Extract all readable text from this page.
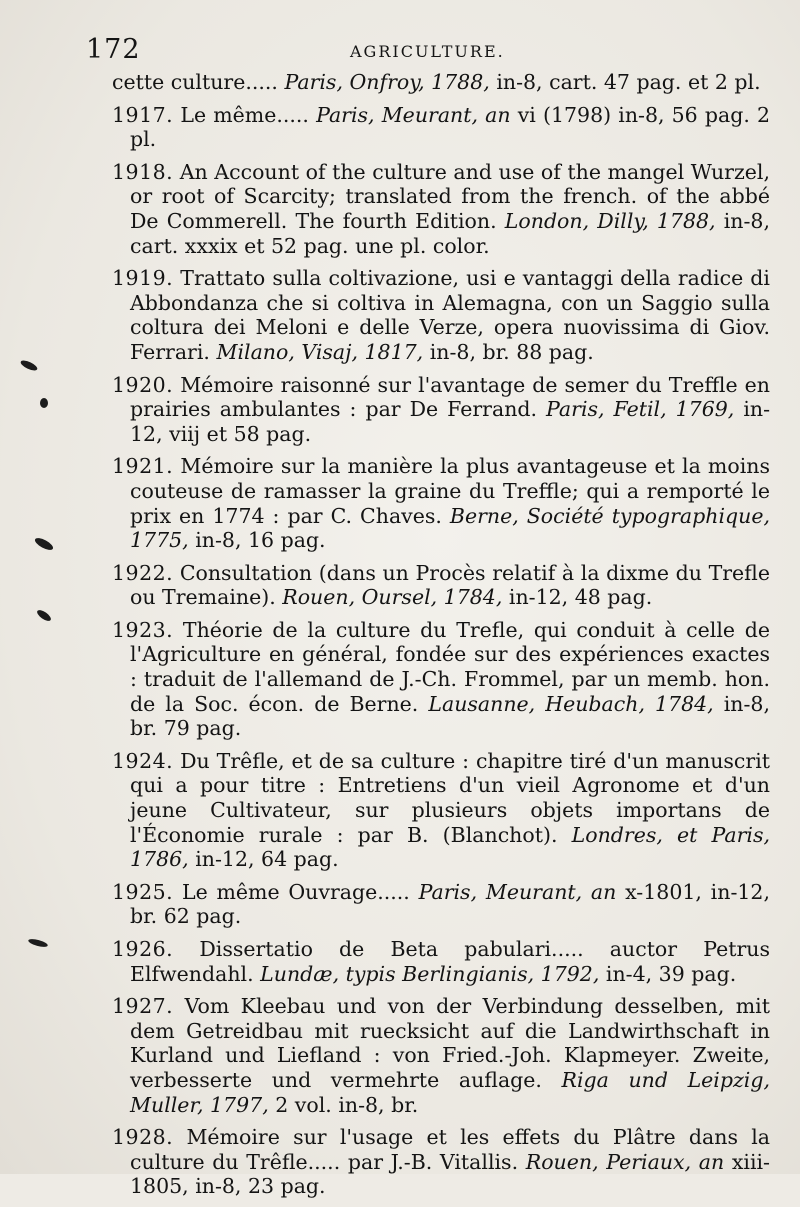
172	AGRICULTURE.

cette culture..... Paris, Onfroy, 1788, in-8, cart. 47 pag. et 2 pl.

1917. Le même..... Paris, Meurant, an vi (1798) in-8, 56 pag. 2 pl.

1918. An Account of the culture and use of the mangel Wurzel, or root of Scarcity; translated from the french. of the abbé De Commerell. The fourth Edition. London, Dilly, 1788, in-8, cart. xxxix et 52 pag. une pl. color.

1919. Trattato sulla coltivazione, usi e vantaggi della radice di Abbondanza che si coltiva in Alemagna, con un Saggio sulla coltura dei Meloni e delle Verze, opera nuovissima di Giov. Ferrari. Milano, Visaj, 1817, in-8, br. 88 pag.

1920. Mémoire raisonné sur l'avantage de semer du Treffle en prairies ambulantes : par De Ferrand. Paris, Fetil, 1769, in-12, viij et 58 pag.

1921. Mémoire sur la manière la plus avantageuse et la moins couteuse de ramasser la graine du Treffle; qui a remporté le prix en 1774 : par C. Chaves. Berne, Société typographique, 1775, in-8, 16 pag.

1922. Consultation (dans un Procès relatif à la dixme du Trefle ou Tremaine). Rouen, Oursel, 1784, in-12, 48 pag.

1923. Théorie de la culture du Trefle, qui conduit à celle de l'Agriculture en général, fondée sur des expériences exactes : traduit de l'allemand de J.-Ch. Frommel, par un memb. hon. de la Soc. écon. de Berne. Lausanne, Heubach, 1784, in-8, br. 79 pag.

1924. Du Trêfle, et de sa culture : chapitre tiré d'un manuscrit qui a pour titre : Entretiens d'un vieil Agronome et d'un jeune Cultivateur, sur plusieurs objets importans de l'Économie rurale : par B. (Blanchot). Londres, et Paris, 1786, in-12, 64 pag.

1925. Le même Ouvrage..... Paris, Meurant, an x-1801, in-12, br. 62 pag.

1926. Dissertatio de Beta pabulari..... auctor Petrus Elfwendahl. Lundæ, typis Berlingianis, 1792, in-4, 39 pag.

1927. Vom Kleebau und von der Verbindung desselben, mit dem Getreidbau mit ruecksicht auf die Landwirthschaft in Kurland und Liefland : von Fried.-Joh. Klapmeyer. Zweite, verbesserte und vermehrte auflage. Riga und Leipzig, Muller, 1797, 2 vol. in-8, br.

1928. Mémoire sur l'usage et les effets du Plâtre dans la culture du Trêfle..... par J.-B. Vitallis. Rouen, Periaux, an xiii-1805, in-8, 23 pag.
